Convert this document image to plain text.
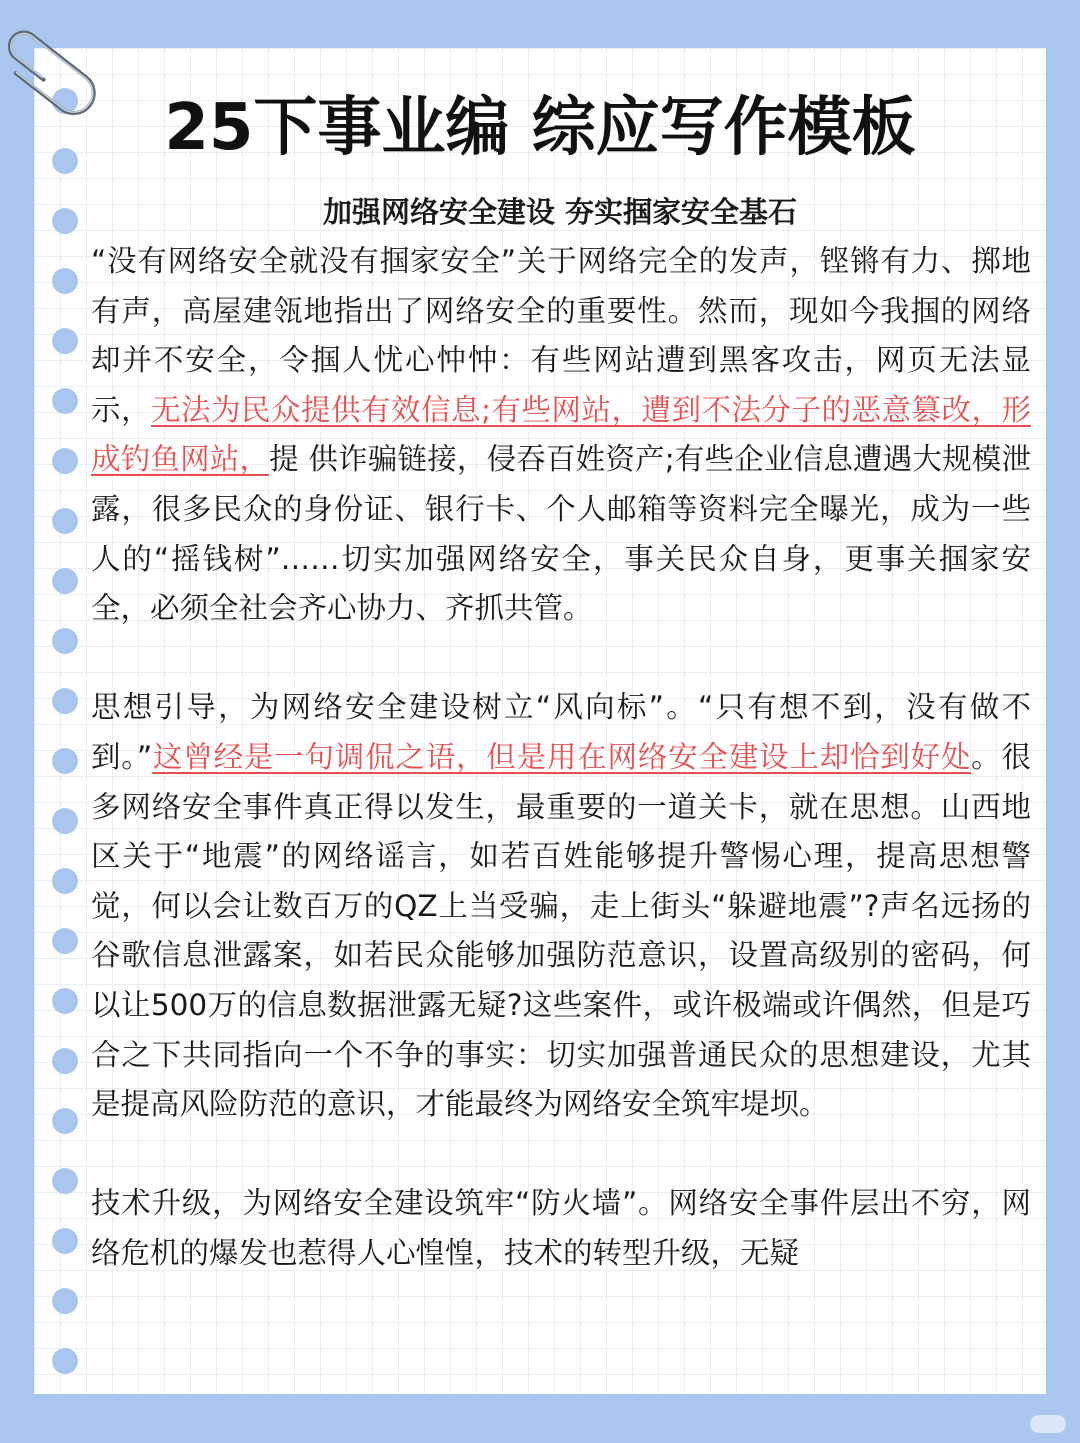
25下事业编 综应写作模板
加强网络安全建设 夯实掴家安全基石

“没有网络安全就没有掴家安全”关于网络完全的发声，铿锵有力、掷地有声，高屋建瓴地指出了网络安全的重要性。然而，现如今我掴的网络却并不安全，令掴人忧心忡忡：有些网站遭到黑客攻击，网页无法显示，无法为民众提供有效信息;有些网站，遭到不法分子的恶意篡改，形成钓鱼网站，提 供诈骗链接，侵吞百姓资产;有些企业信息遭遇大规模泄露，很多民众的身份证、银行卡、个人邮箱等资料完全曝光，成为一些人的“摇钱树”……切实加强网络安全，事关民众自身，更事关掴家安全，必须全社会齐心协力、齐抓共管。

思想引导，为网络安全建设树立“风向标”。“只有想不到，没有做不到。”这曾经是一句调侃之语，但是用在网络安全建设上却恰到好处。很多网络安全事件真正得以发生，最重要的一道关卡，就在思想。山西地区关于“地震”的网络谣言，如若百姓能够提升警惕心理，提高思想警觉，何以会让数百万的QZ上当受骗，走上街头“躲避地震”?声名远扬的谷歌信息泄露案，如若民众能够加强防范意识，设置高级别的密码，何以让500万的信息数据泄露无疑?这些案件，或许极端或许偶然，但是巧合之下共同指向一个不争的事实：切实加强普通民众的思想建设，尤其是提高风险防范的意识，才能最终为网络安全筑牢堤坝。

技术升级，为网络安全建设筑牢“防火墙”。网络安全事件层出不穷，网络危机的爆发也惹得人心惶惶，技术的转型升级，无疑
